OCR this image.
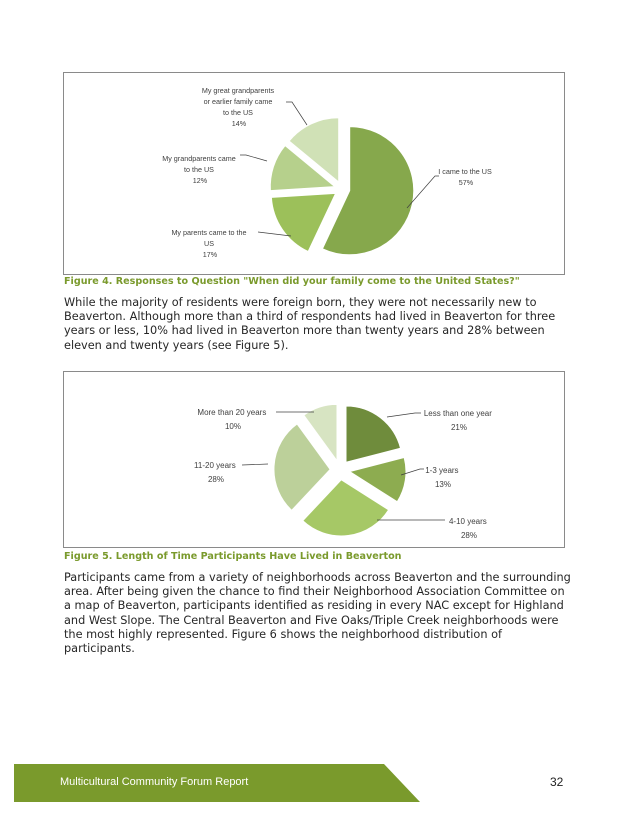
I came to the US 57%
My parents came to the US 17%
My grandparents came to the US 12%
My great grandparents or earlier family came to the US 14%
Figure 4. Responses to Question "When did your family come to the United States?"

While the majority of residents were foreign born, they were not necessarily new to Beaverton. Although more than a third of respondents had lived in Beaverton for three years or less, 10% had lived in Beaverton more than twenty years and 28% between eleven and twenty years (see Figure 5).

Less than one year 21%
1-3 years 13%
4-10 years 28%
11-20 years 28%
More than 20 years 10%
Figure 5. Length of Time Participants Have Lived in Beaverton

Participants came from a variety of neighborhoods across Beaverton and the surrounding area. After being given the chance to find their Neighborhood Association Committee on a map of Beaverton, participants identified as residing in every NAC except for Highland and West Slope. The Central Beaverton and Five Oaks/Triple Creek neighborhoods were the most highly represented. Figure 6 shows the neighborhood distribution of participants.

Multicultural Community Forum Report	32
